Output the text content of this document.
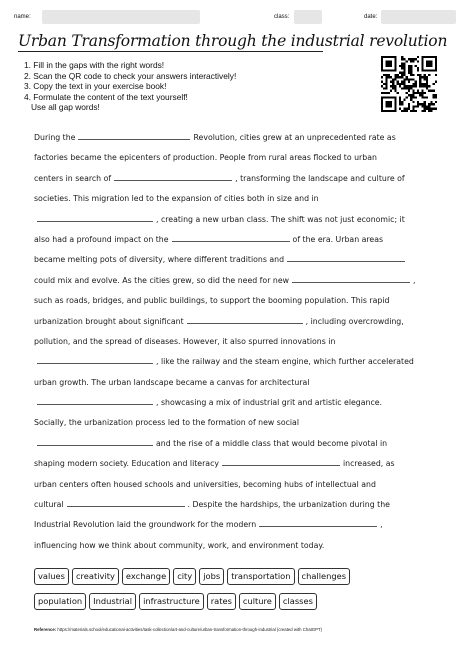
name:	class:	date:
Urban Transformation through the industrial revolution
1. Fill in the gaps with the right words!
2. Scan the QR code to check your answers interactively!
3. Copy the text in your exercise book!
4. Formulate the content of the text yourself!
Use all gap words!
During the	Revolution, cities grew at an unprecedented rate as
factories became the epicenters of production. People from rural areas flocked to urban
centers in search of	, transforming the landscape and culture of
societies. This migration led to the expansion of cities both in size and in
, creating a new urban class. The shift was not just economic; it
also had a profound impact on the	of the era. Urban areas
became melting pots of diversity, where different traditions and
could mix and evolve. As the cities grew, so did the need for new	,
such as roads, bridges, and public buildings, to support the booming population. This rapid
urbanization brought about significant	, including overcrowding,
pollution, and the spread of diseases. However, it also spurred innovations in
, like the railway and the steam engine, which further accelerated
urban growth. The urban landscape became a canvas for architectural
, showcasing a mix of industrial grit and artistic elegance.
Socially, the urbanization process led to the formation of new social
and the rise of a middle class that would become pivotal in
shaping modern society. Education and literacy	increased, as
urban centers often housed schools and universities, becoming hubs of intellectual and
cultural	. Despite the hardships, the urbanization during the
Industrial Revolution laid the groundwork for the modern	,
influencing how we think about community, work, and environment today.
values	creativity	exchange	city	jobs	transportation	challenges
population	Industrial	infrastructure	rates	culture	classes
Reference: https://materials.school/educational-activities/task-collection/art-and-culture/urban-transformation-through-industrial (created with ChatGPT)
